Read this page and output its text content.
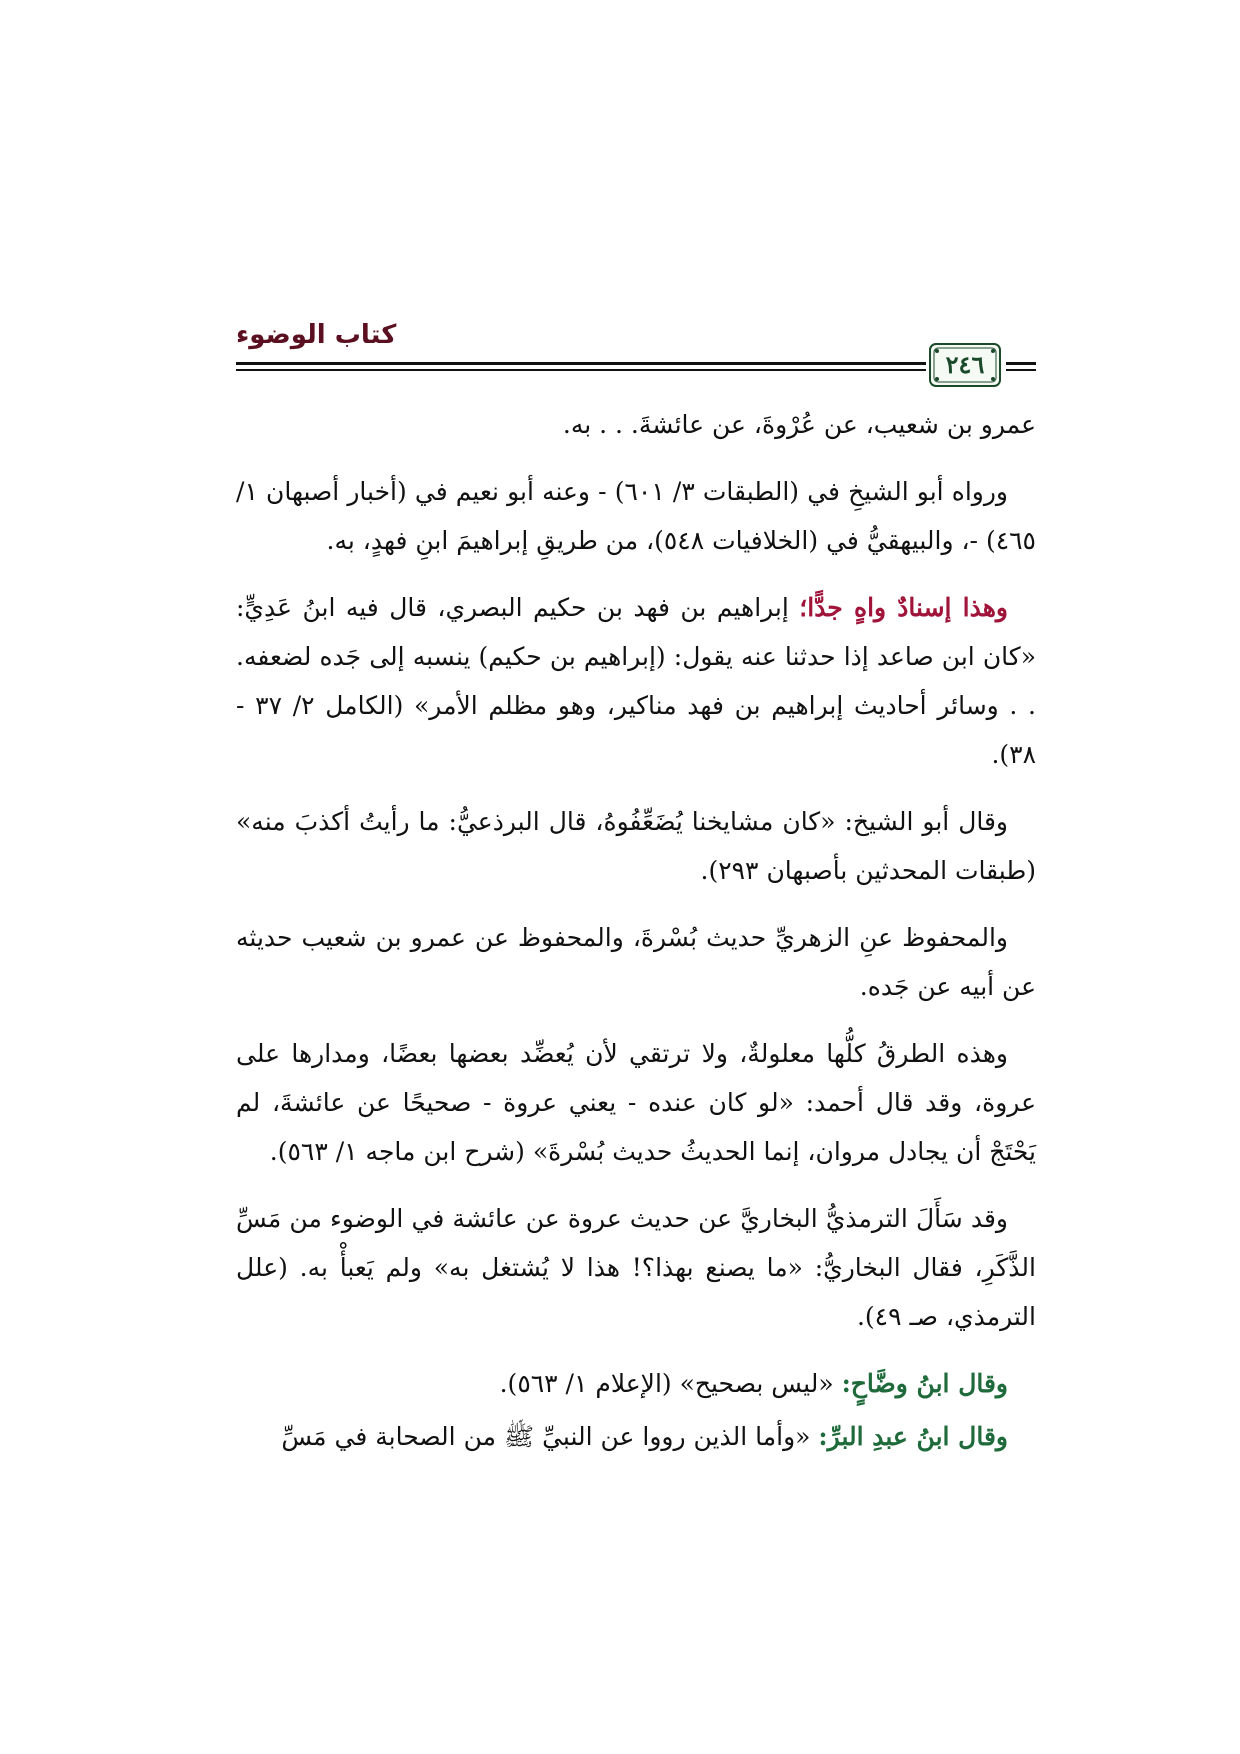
كتاب الوضوء
٢٤٦

عمرو بن شعيب، عن عُرْوةَ، عن عائشةَ. . . به.

ورواه أبو الشيخِ في (الطبقات ٣/ ٦٠١) - وعنه أبو نعيم في (أخبار أصبهان ١/ ٤٦٥) -، والبيهقيُّ في (الخلافيات ٥٤٨)، من طريقِ إبراهيمَ ابنِ فهدٍ، به.

وهذا إسنادٌ واهٍ جدًّا؛ إبراهيم بن فهد بن حكيم البصري، قال فيه ابنُ عَدِيٍّ: «كان ابن صاعد إذا حدثنا عنه يقول: (إبراهيم بن حكيم) ينسبه إلى جَده لضعفه. . . وسائر أحاديث إبراهيم بن فهد مناكير، وهو مظلم الأمر» (الكامل ٢/ ٣٧ - ٣٨).

وقال أبو الشيخ: «كان مشايخنا يُضَعِّفُوهُ، قال البرذعيُّ: ما رأيتُ أكذبَ منه» (طبقات المحدثين بأصبهان ٢٩٣).

والمحفوظ عنِ الزهريِّ حديث بُسْرةَ، والمحفوظ عن عمرو بن شعيب حديثه عن أبيه عن جَده.

وهذه الطرقُ كلُّها معلولةٌ، ولا ترتقي لأن يُعضِّد بعضها بعضًا، ومدارها على عروة، وقد قال أحمد: «لو كان عنده - يعني عروة - صحيحًا عن عائشةَ، لم يَحْتَجْ أن يجادل مروان، إنما الحديثُ حديث بُسْرةَ» (شرح ابن ماجه ١/ ٥٦٣).

وقد سَأَلَ الترمذيُّ البخاريَّ عن حديث عروة عن عائشة في الوضوء من مَسِّ الذَّكَرِ، فقال البخاريُّ: «ما يصنع بهذا؟! هذا لا يُشتغل به» ولم يَعبأْ به. (علل الترمذي، صـ ٤٩).

وقال ابنُ وضَّاحٍ: «ليس بصحيح» (الإعلام ١/ ٥٦٣).

وقال ابنُ عبدِ البرِّ: «وأما الذين رووا عن النبيِّ ﷺ من الصحابة في مَسِّ
